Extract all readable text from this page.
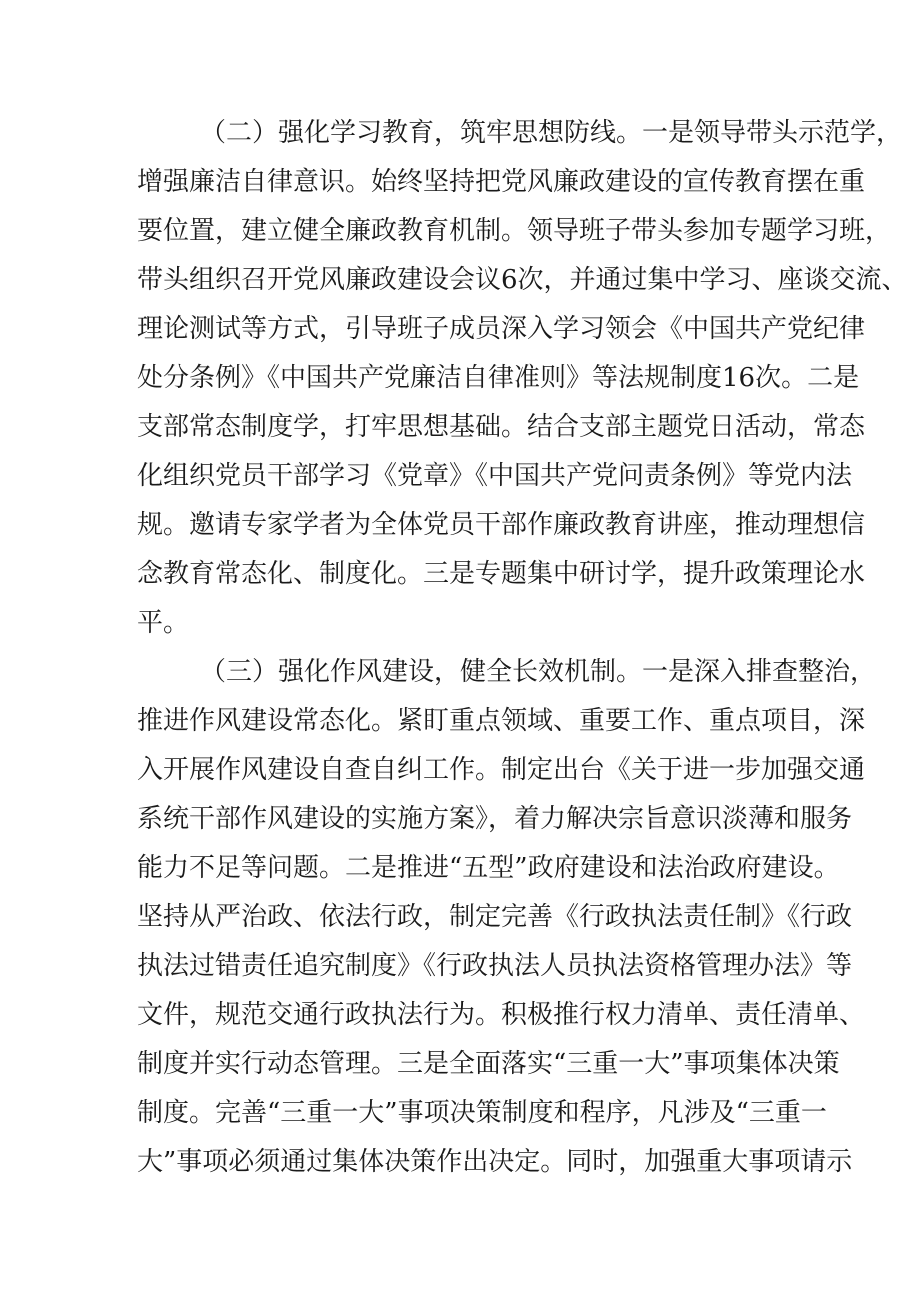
（二）强化学习教育，筑牢思想防线。一是领导带头示范学，
增强廉洁自律意识。始终坚持把党风廉政建设的宣传教育摆在重
要位置，建立健全廉政教育机制。领导班子带头参加专题学习班，
带头组织召开党风廉政建设会议6次，并通过集中学习、座谈交流、
理论测试等方式，引导班子成员深入学习领会《中国共产党纪律
处分条例》《中国共产党廉洁自律准则》等法规制度16次。二是
支部常态制度学，打牢思想基础。结合支部主题党日活动，常态
化组织党员干部学习《党章》《中国共产党问责条例》等党内法
规。邀请专家学者为全体党员干部作廉政教育讲座，推动理想信
念教育常态化、制度化。三是专题集中研讨学，提升政策理论水
平。
（三）强化作风建设，健全长效机制。一是深入排查整治，
推进作风建设常态化。紧盯重点领域、重要工作、重点项目，深
入开展作风建设自查自纠工作。制定出台《关于进一步加强交通
系统干部作风建设的实施方案》，着力解决宗旨意识淡薄和服务
能力不足等问题。二是推进“五型”政府建设和法治政府建设。
坚持从严治政、依法行政，制定完善《行政执法责任制》《行政
执法过错责任追究制度》《行政执法人员执法资格管理办法》等
文件，规范交通行政执法行为。积极推行权力清单、责任清单、
制度并实行动态管理。三是全面落实“三重一大”事项集体决策
制度。完善“三重一大”事项决策制度和程序，凡涉及“三重一
大”事项必须通过集体决策作出决定。同时，加强重大事项请示
